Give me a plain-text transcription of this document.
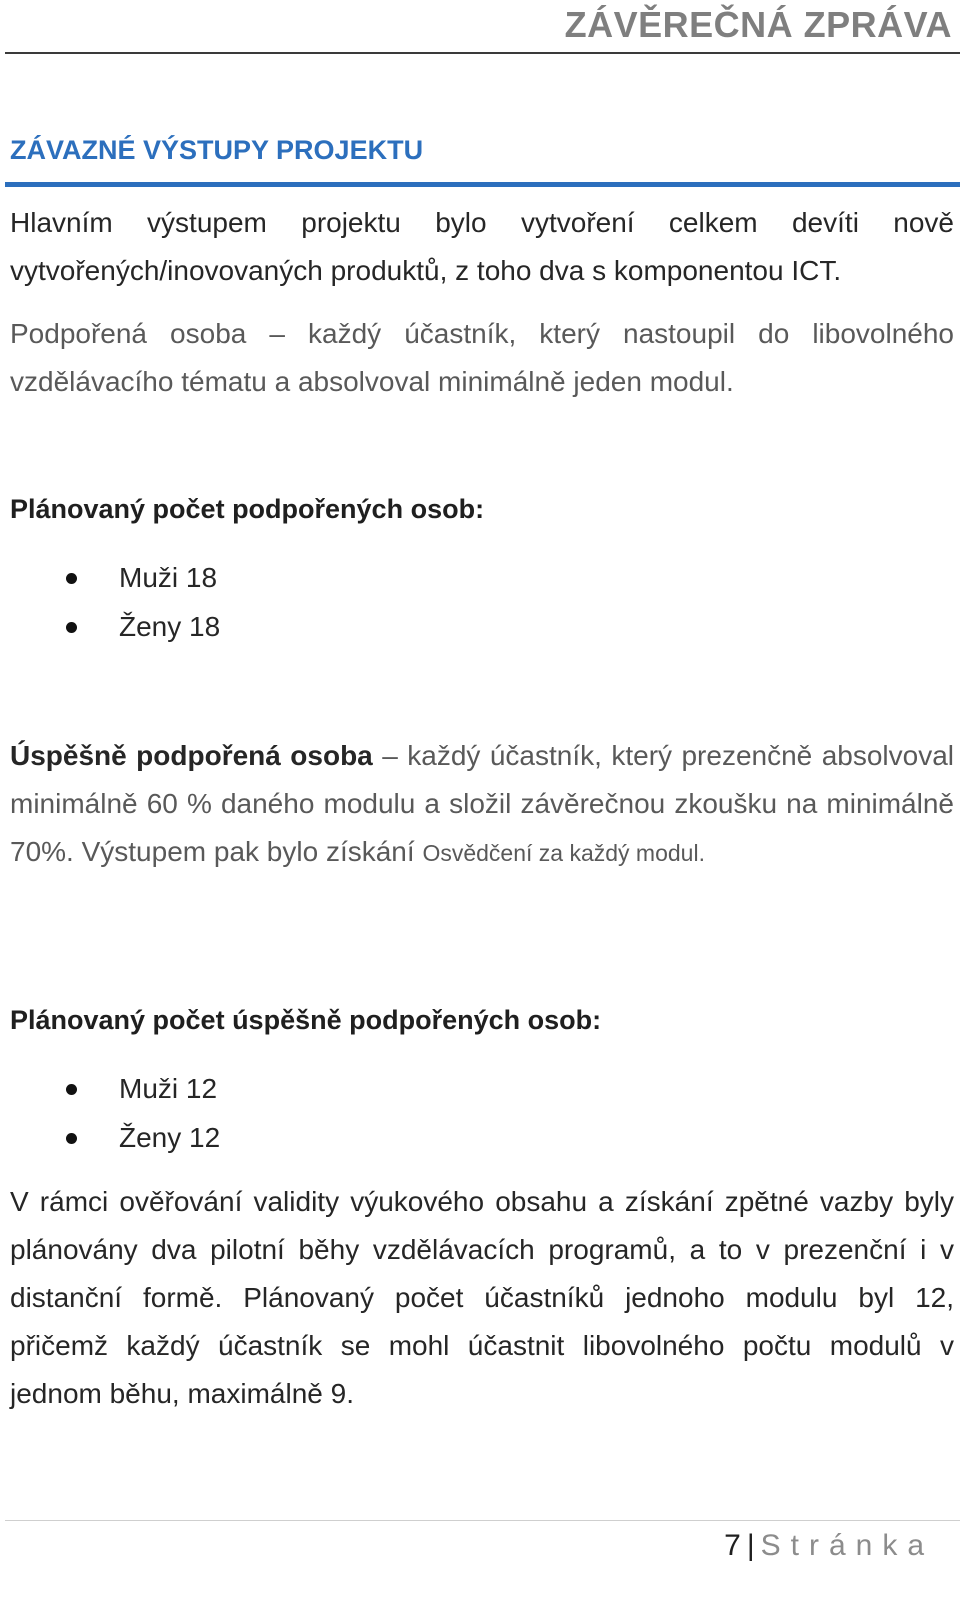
ZÁVĚREČNÁ ZPRÁVA
ZÁVAZNÉ VÝSTUPY PROJEKTU

Hlavním výstupem projektu bylo vytvoření celkem devíti nově vytvořených/inovovaných produktů, z toho dva s komponentou ICT.

Podpořená osoba – každý účastník, který nastoupil do libovolného vzdělávacího tématu a absolvoval minimálně jeden modul.

Plánovaný počet podpořených osob:
Muži 18
Ženy 18

Úspěšně podpořená osoba – každý účastník, který prezenčně absolvoval minimálně 60 % daného modulu a složil závěrečnou zkoušku na minimálně 70%. Výstupem pak bylo získání Osvědčení za každý modul.

Plánovaný počet úspěšně podpořených osob:
Muži 12
Ženy 12

V rámci ověřování validity výukového obsahu a získání zpětné vazby byly plánovány dva pilotní běhy vzdělávacích programů, a to v prezenční i v distanční formě. Plánovaný počet účastníků jednoho modulu byl 12, přičemž každý účastník se mohl účastnit libovolného počtu modulů v jednom běhu, maximálně 9.

7 | Stránka
